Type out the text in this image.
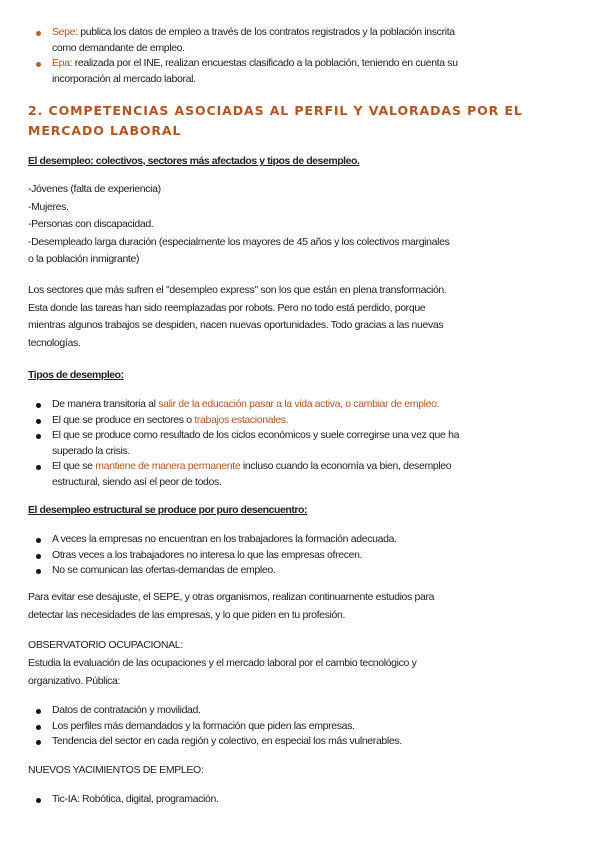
Sepe: publica los datos de empleo a través de los contratos registrados y la población inscrita
como demandante de empleo.
Epa: realizada por el INE, realizan encuestas clasificado a la población, teniendo en cuenta su
incorporación al mercado laboral.
2. COMPETENCIAS ASOCIADAS AL PERFIL Y VALORADAS POR EL MERCADO LABORAL
El desempleo: colectivos, sectores más afectados y tipos de desempleo.
-Jóvenes (falta de experiencia)
-Mujeres.
-Personas con discapacidad.
-Desempleado larga duración (especialmente los mayores de 45 años y los colectivos marginales
o la población inmigrante)
Los sectores que más sufren el "desempleo express" son los que están en plena transformación.
Esta donde las tareas han sido reemplazadas por robots. Pero no todo está perdido, porque
mientras algunos trabajos se despiden, nacen nuevas oportunidades. Todo gracias a las nuevas
tecnologías.
Tipos de desempleo:
De manera transitoria al salir de la educación pasar a la vida activa, o cambiar de empleo.
El que se produce en sectores o trabajos estacionales.
El que se produce como resultado de los ciclos económicos y suele corregirse una vez que ha
superado la crisis.
El que se mantiene de manera permanente incluso cuando la economía va bien, desempleo
estructural, siendo así el peor de todos.
El desempleo estructural se produce por puro desencuentro:
A veces la empresas no encuentran en los trabajadores la formación adecuada.
Otras veces a los trabajadores no interesa lo que las empresas ofrecen.
No se comunican las ofertas-demandas de empleo.
Para evitar ese desajuste, el SEPE, y otras organismos, realizan continuamente estudios para
detectar las necesidades de las empresas, y lo que piden en tu profesión.
OBSERVATORIO OCUPACIONAL:
Estudia la evaluación de las ocupaciones y el mercado laboral por el cambio tecnológico y
organizativo. Pública:
Datos de contratación y movilidad.
Los perfiles más demandados y la formación que piden las empresas.
Tendencia del sector en cada región y colectivo, en especial los más vulnerables.
NUEVOS YACIMIENTOS DE EMPLEO:
Tic-IA: Robótica, digital, programación.
